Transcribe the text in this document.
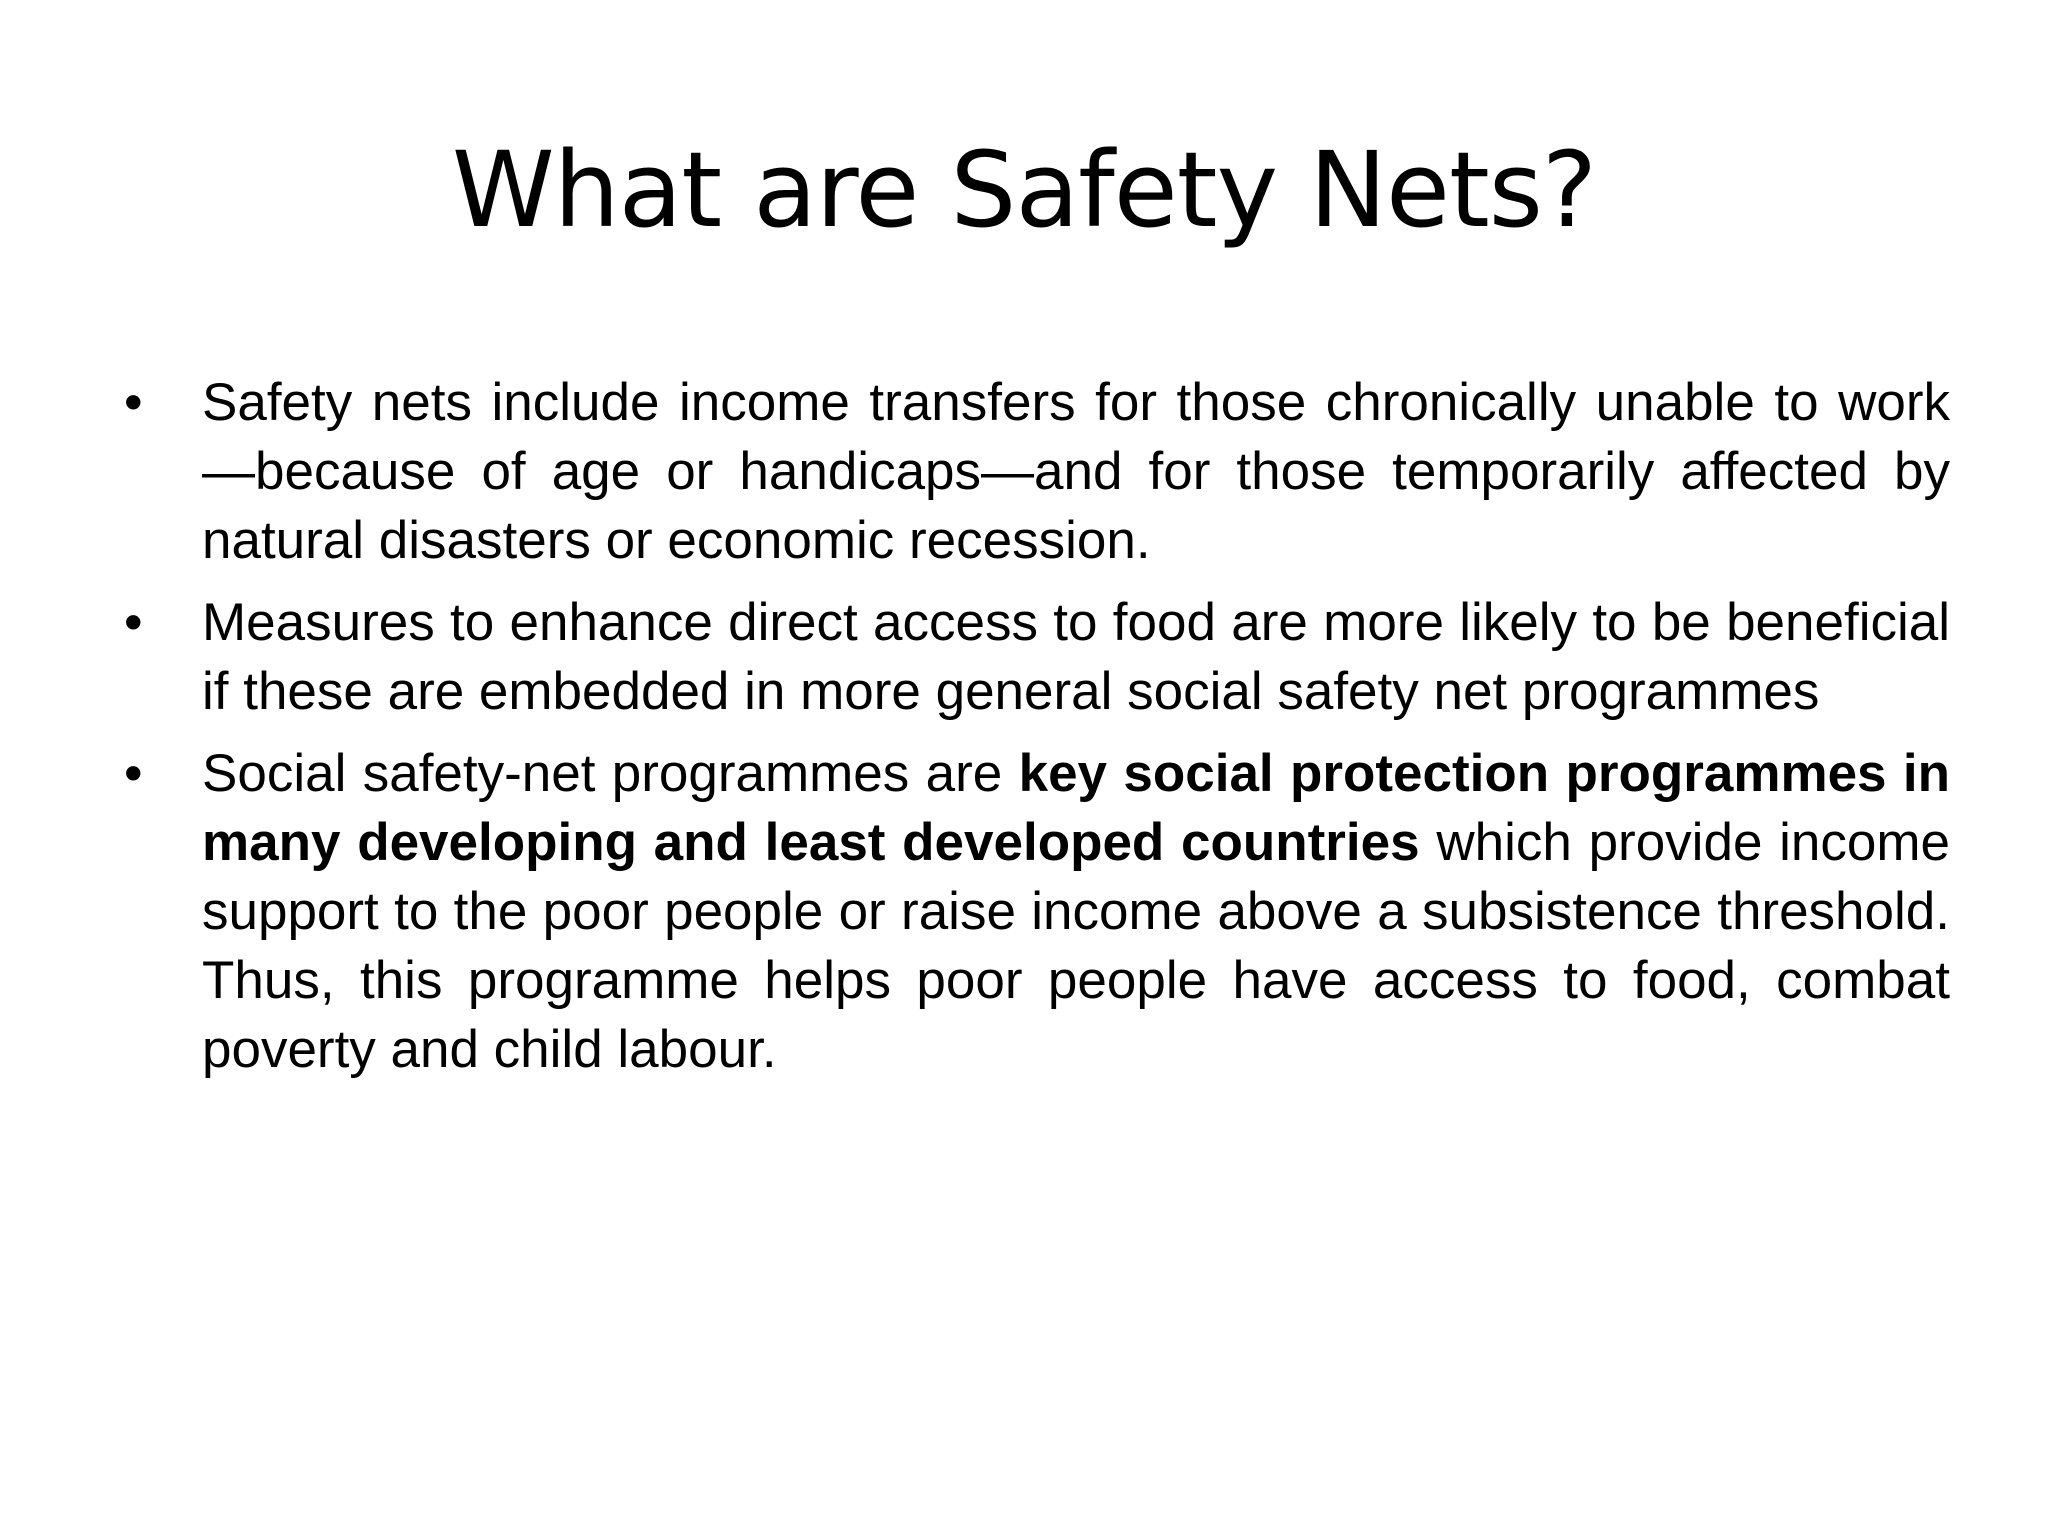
What are Safety Nets?
•	Safety nets include income transfers for those chronically unable to work—because of age or handicaps—and for those temporarily affected by natural disasters or economic recession.
•	Measures to enhance direct access to food are more likely to be beneficial if these are embedded in more general social safety net programmes
•	Social safety-net programmes are key social protection programmes in many developing and least developed countries which provide income support to the poor people or raise income above a subsistence threshold. Thus, this programme helps poor people have access to food, combat poverty and child labour.
